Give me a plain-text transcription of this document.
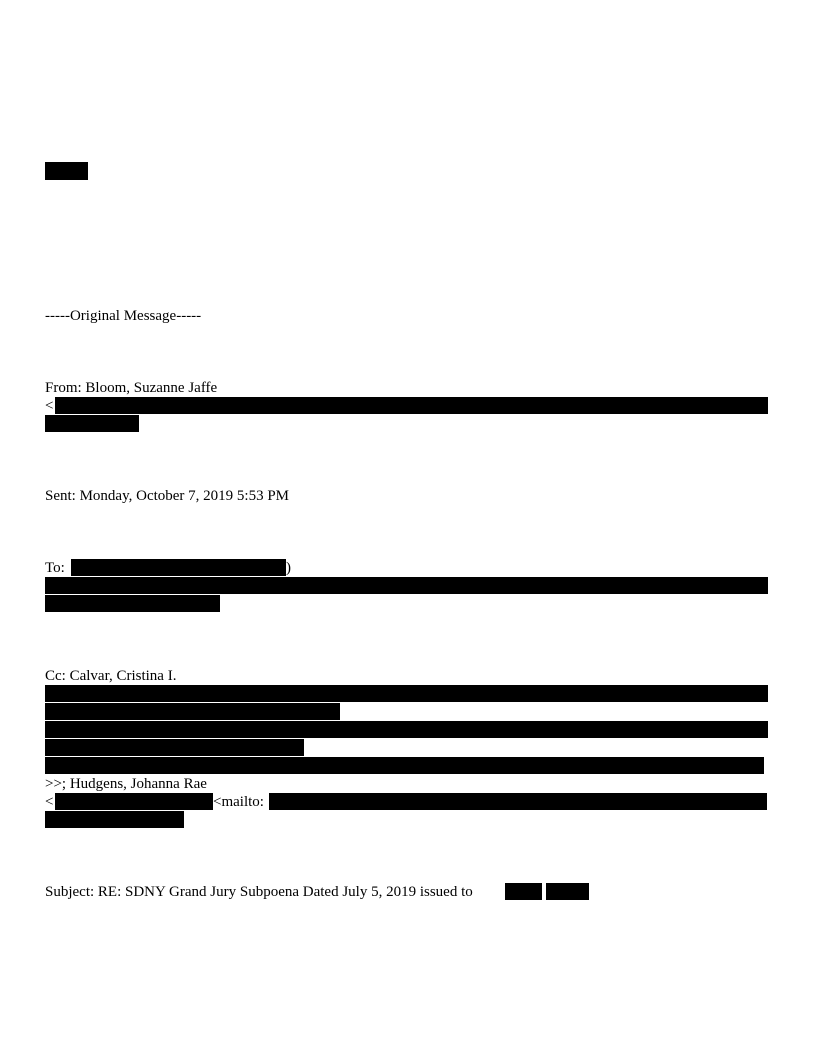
-----Original Message-----
From: Bloom, Suzanne Jaffe
<
Sent: Monday, October 7, 2019 5:53 PM
To:	)
Cc: Calvar, Cristina I.
>>; Hudgens, Johanna Rae
<	<mailto:
Subject: RE: SDNY Grand Jury Subpoena Dated July 5, 2019 issued to
